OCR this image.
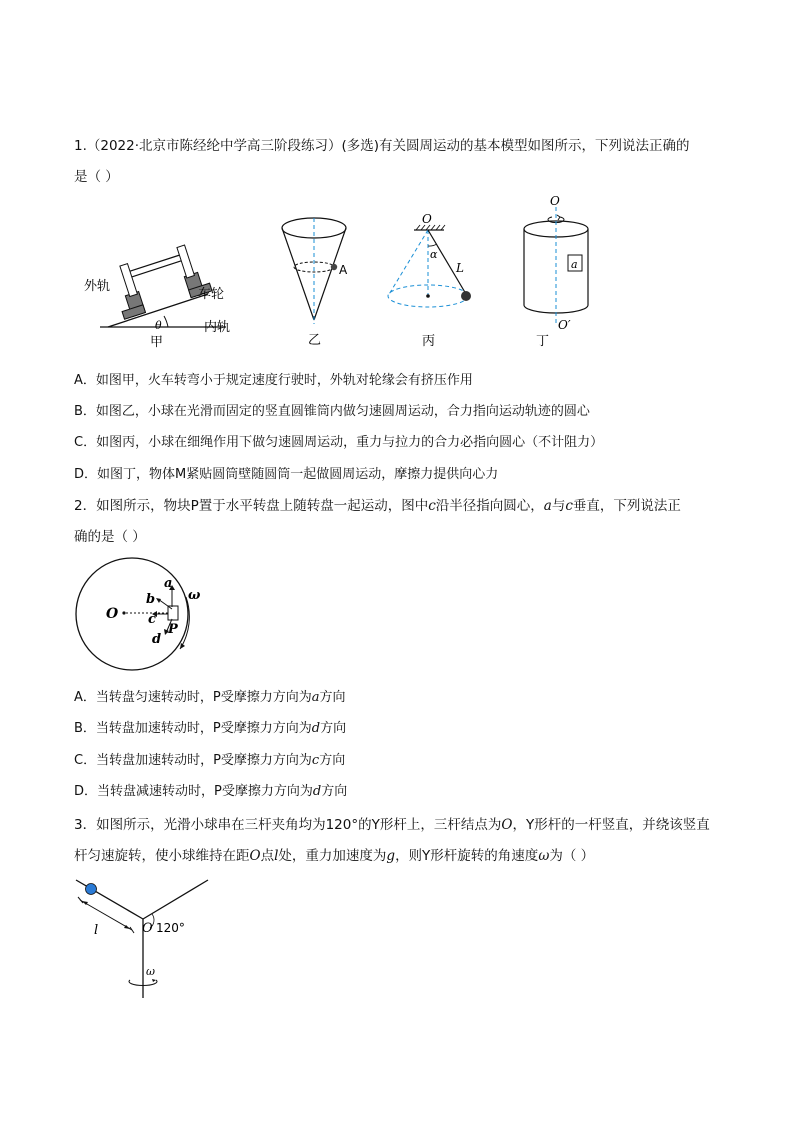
1.（2022·北京市陈经纶中学高三阶段练习）(多选)有关圆周运动的基本模型如图所示，下列说法正确的
是（ ）
外轨
车轮
内轨
θ
甲
A
乙
O
α
L
丙
a
O
O′
丁
A．如图甲，火车转弯小于规定速度行驶时，外轨对轮缘会有挤压作用
B．如图乙，小球在光滑而固定的竖直圆锥筒内做匀速圆周运动，合力指向运动轨迹的圆心
C．如图丙，小球在细绳作用下做匀速圆周运动，重力与拉力的合力必指向圆心（不计阻力）
D．如图丁，物体M紧贴圆筒壁随圆筒一起做圆周运动，摩擦力提供向心力
2．如图所示，物块P置于水平转盘上随转盘一起运动，图中c沿半径指向圆心，a与c垂直，下列说法正
确的是（ ）
O
a
b
c
d
P
ω
A．当转盘匀速转动时，P受摩擦力方向为a方向
B．当转盘加速转动时，P受摩擦力方向为d方向
C．当转盘加速转动时，P受摩擦力方向为c方向
D．当转盘减速转动时，P受摩擦力方向为d方向
3．如图所示，光滑小球串在三杆夹角均为120°的Y形杆上，三杆结点为O，Y形杆的一杆竖直，并绕该竖直
杆匀速旋转，使小球维持在距O点l处，重力加速度为g，则Y形杆旋转的角速度ω为（ ）
O 120°
l
ω
